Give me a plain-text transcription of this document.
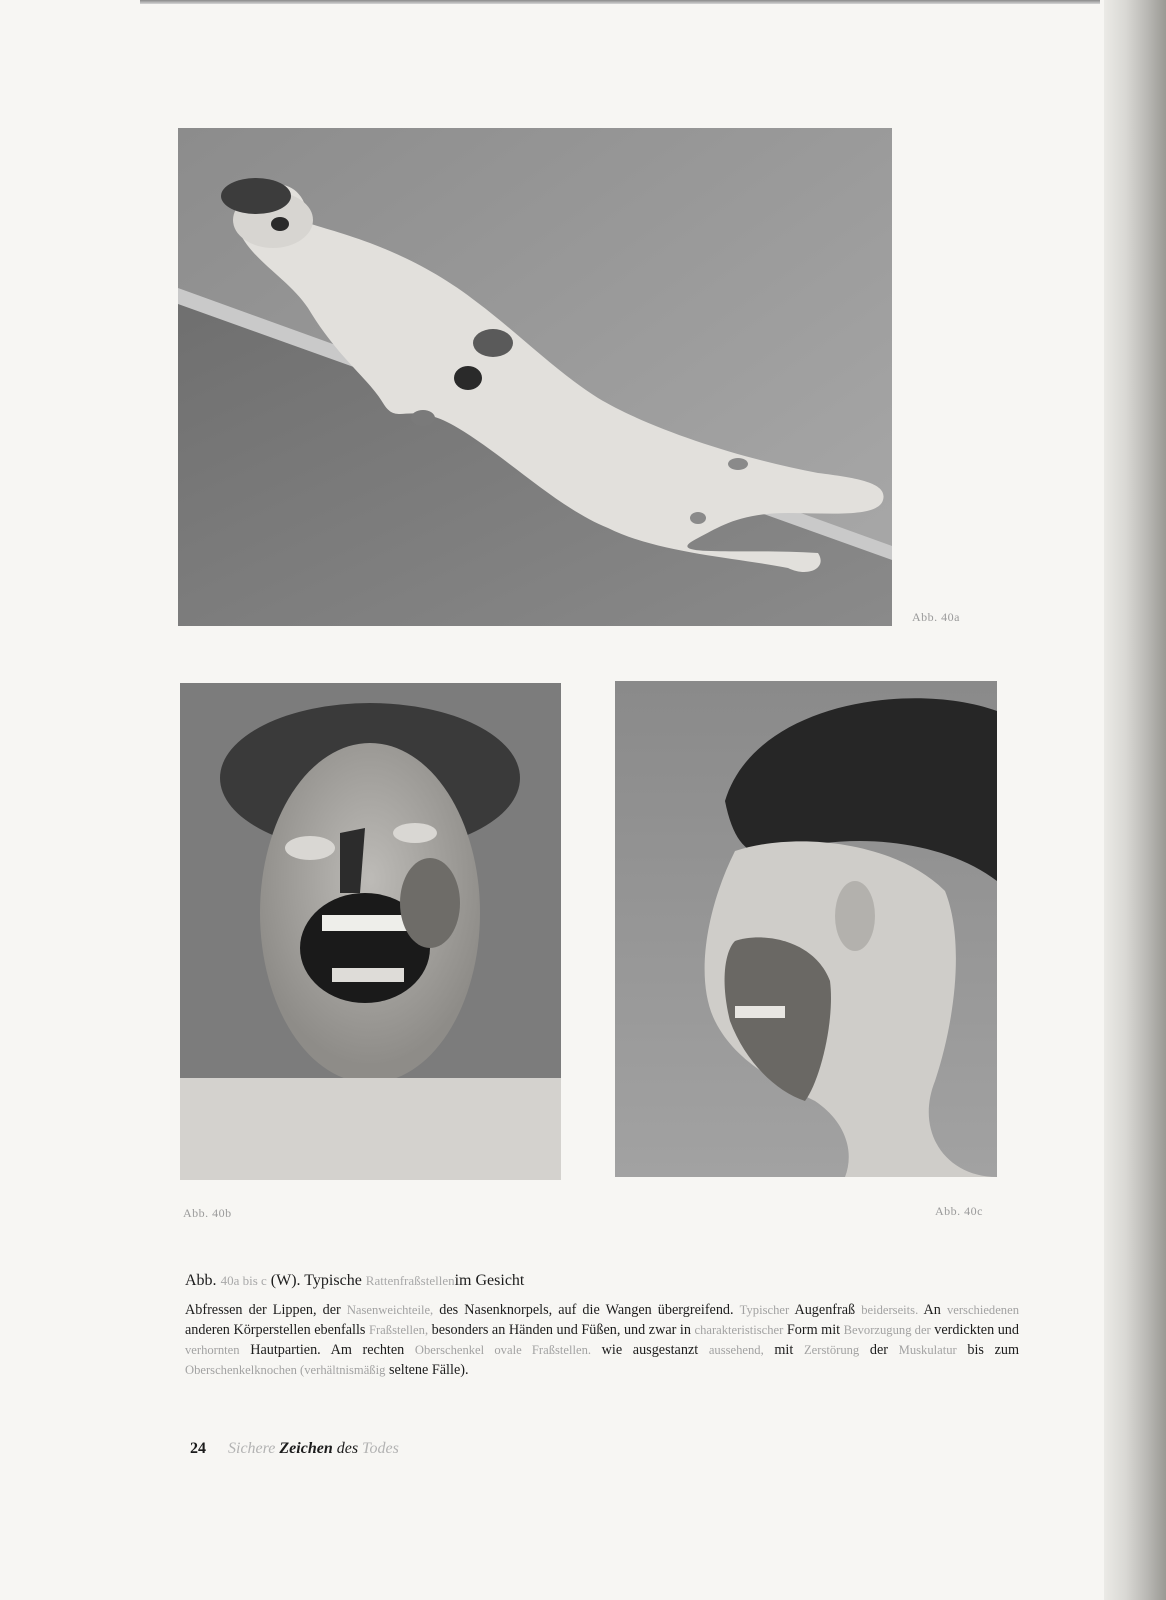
Abb. 40a
Abb. 40b	Abb. 40c
Abb. 40a bis c (W). Typische Rattenfraßstellenim Gesicht
Abfressen der Lippen, der Nasenweichteile, des Nasenknorpels, auf die Wangen übergreifend. Typischer Augenfraß beiderseits. An verschiedenen anderen Körperstellen ebenfalls Fraßstellen, besonders an Händen und Füßen, und zwar in charakteristischer Form mit Bevorzugung der verdickten und verhornten Hautpartien. Am rechten Oberschenkel ovale Fraßstellen. wie ausgestanzt aussehend, mit Zerstörung der Muskulatur bis zum Oberschenkelknochen (verhältnismäßig seltene Fälle).
24 Sichere Zeichen des Todes
